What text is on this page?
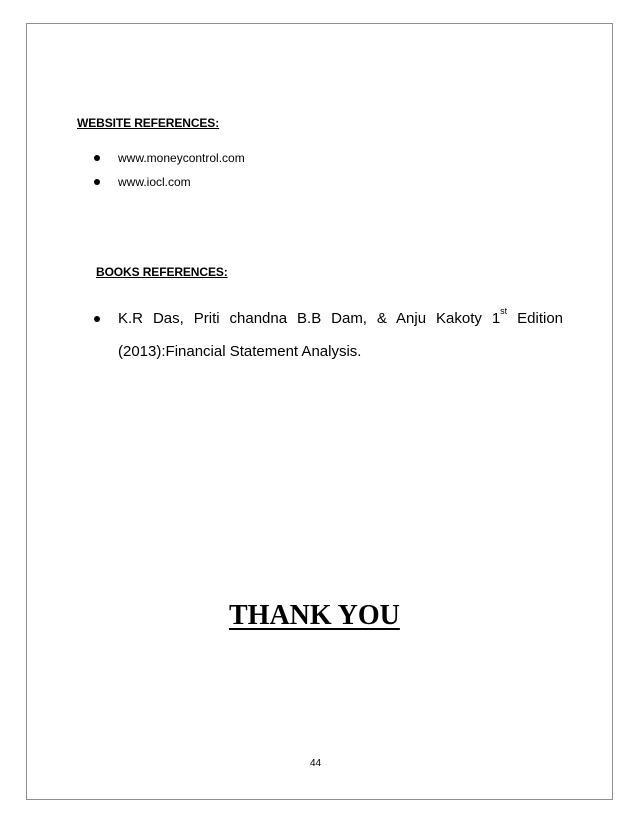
WEBSITE REFERENCES:
www.moneycontrol.com
www.iocl.com
BOOKS REFERENCES:
K.R Das, Priti chandna B.B Dam, & Anju Kakoty 1st Edition
(2013):Financial Statement Analysis.
THANK YOU
44
